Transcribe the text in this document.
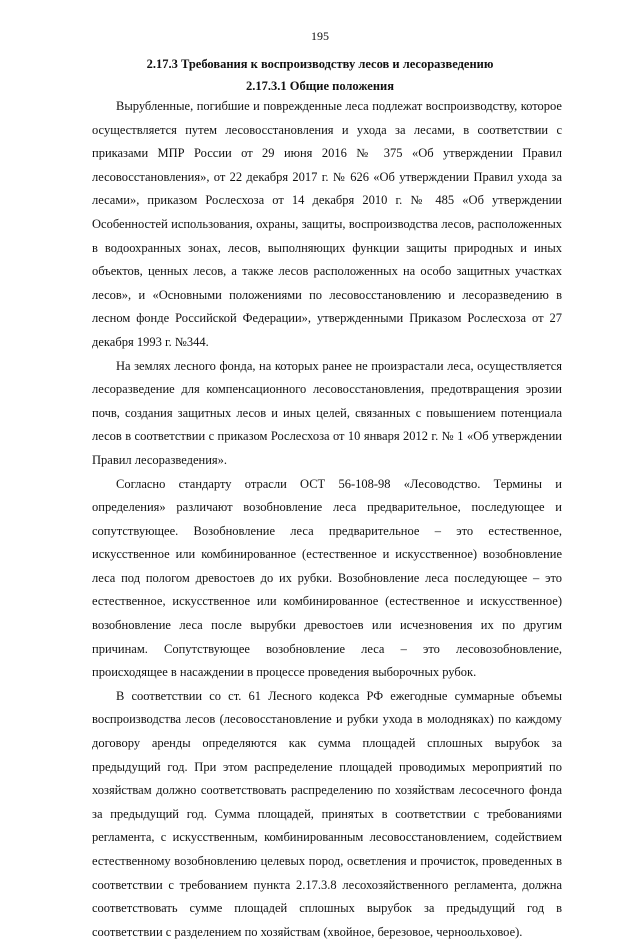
195
2.17.3 Требования к воспроизводству лесов и лесоразведению
2.17.3.1 Общие положения

Вырубленные, погибшие и поврежденные леса подлежат воспроизводству, которое осуществляется путем лесовосстановления и ухода за лесами, в соответствии с приказами МПР России от 29 июня 2016 № 375 «Об утверждении Правил лесовосстановления», от 22 декабря 2017 г. № 626 «Об утверждении Правил ухода за лесами», приказом Рослесхоза от 14 декабря 2010 г. № 485 «Об утверждении Особенностей использования, охраны, защиты, воспроизводства лесов, расположенных в водоохранных зонах, лесов, выполняющих функции защиты природных и иных объектов, ценных лесов, а также лесов расположенных на особо защитных участках лесов», и «Основными положениями по лесовосстановлению и лесоразведению в лесном фонде Российской Федерации», утвержденными Приказом Рослесхоза от 27 декабря 1993 г. №344.

На землях лесного фонда, на которых ранее не произрастали леса, осуществляется лесоразведение для компенсационного лесовосстановления, предотвращения эрозии почв, создания защитных лесов и иных целей, связанных с повышением потенциала лесов в соответствии с приказом Рослесхоза от 10 января 2012 г. № 1 «Об утверждении Правил лесоразведения».

Согласно стандарту отрасли ОСТ 56-108-98 «Лесоводство. Термины и определения» различают возобновление леса предварительное, последующее и сопутствующее. Возобновление леса предварительное – это естественное, искусственное или комбинированное (естественное и искусственное) возобновление леса под пологом древостоев до их рубки. Возобновление леса последующее – это естественное, искусственное или комбинированное (естественное и искусственное) возобновление леса после вырубки древостоев или исчезновения их по другим причинам. Сопутствующее возобновление леса – это лесовозобновление, происходящее в насаждении в процессе проведения выборочных рубок.

В соответствии со ст. 61 Лесного кодекса РФ ежегодные суммарные объемы воспроизводства лесов (лесовосстановление и рубки ухода в молодняках) по каждому договору аренды определяются как сумма площадей сплошных вырубок за предыдущий год. При этом распределение площадей проводимых мероприятий по хозяйствам должно соответствовать распределению по хозяйствам лесосечного фонда за предыдущий год. Сумма площадей, принятых в соответствии с требованиями регламента, с искусственным, комбинированным лесовосстановлением, содействием естественному возобновлению целевых пород, осветления и прочисток, проведенных в соответствии с требованием пункта 2.17.3.8 лесохозяйственного регламента, должна соответствовать сумме площадей сплошных вырубок за предыдущий год в соответствии с разделением по хозяйствам (хвойное, березовое, черноольховое).
